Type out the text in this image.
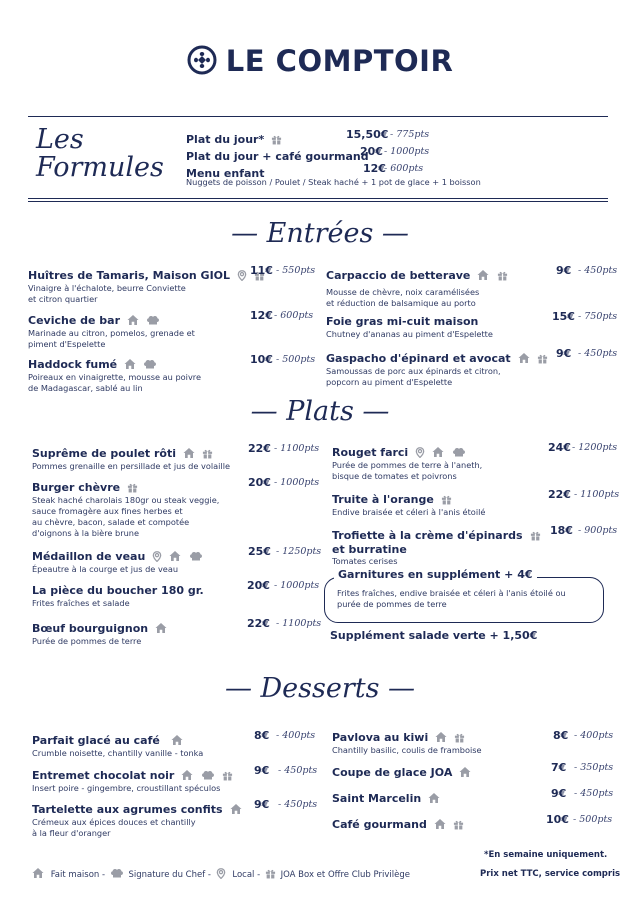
LE COMPTOIR
Les
Formules
Plat du jour*	15,50€ - 775pts
Plat du jour + café gourmand
20€ - 1000pts
Menu enfant	12€
- 600pts
Nuggets de poisson / Poulet / Steak haché + 1 pot de glace + 1 boisson
— Entrées —
Huîtres de Tamaris, Maison GIOL 11€ - 550pts
Vinaigre à l'échalote, beurre Conviette
et citron quartier
Ceviche de bar	12€ - 600pts
Marinade au citron, pomelos, grenade et
piment d'Espelette
Haddock fumé	10€ - 500pts
Poireaux en vinaigrette, mousse au poivre
de Madagascar, sablé au lin
Carpaccio de betterave	9€ - 450pts
Mousse de chèvre, noix caramélisées
et réduction de balsamique au porto
Foie gras mi-cuit maison	15€ - 750pts
Chutney d'ananas au piment d'Espelette
Gaspacho d'épinard et avocat	9€ - 450pts
Samoussas de porc aux épinards et citron,
popcorn au piment d'Espelette
— Plats —
Suprême de poulet rôti	22€ - 1100pts
Pommes grenaille en persillade et jus de volaille
Burger chèvre	20€ - 1000pts
Steak haché charolais 180gr ou steak veggie,
sauce fromagère aux fines herbes et
au chèvre, bacon, salade et compotée
d'oignons à la bière brune
Médaillon de veau	25€ - 1250pts
Épeautre à la courge et jus de veau
La pièce du boucher 180 gr.	20€ - 1000pts
Frites fraîches et salade
Bœuf bourguignon	22€ - 1100pts
Purée de pommes de terre
Rouget farci	24€ - 1200pts
Purée de pommes de terre à l'aneth,
bisque de tomates et poivrons
Truite à l'orange	22€ - 1100pts
Endive braisée et céleri à l'anis étoilé
Trofiette à la crème d'épinards
et burratine
18€ - 900pts
Tomates cerises
Garnitures en supplément + 4€
Frites fraîches, endive braisée et céleri à l'anis étoilé ou
purée de pommes de terre
Supplément salade verte + 1,50€
— Desserts —
Parfait glacé au café	8€ - 400pts
Crumble noisette, chantilly vanille - tonka
Entremet chocolat noir	9€ - 450pts
Insert poire - gingembre, croustillant spéculos
Tartelette aux agrumes confits	9€ - 450pts
Crémeux aux épices douces et chantilly
à la fleur d'oranger
Pavlova au kiwi	8€ - 400pts
Chantilly basilic, coulis de framboise
Coupe de glace JOA	7€ - 350pts
Saint Marcelin	9€ - 450pts
Café gourmand	10€ - 500pts
*En semaine uniquement.
Fait maison -	Signature du Chef -	Local - JOA Box et Offre Club Privilège	Prix net TTC, service compris
